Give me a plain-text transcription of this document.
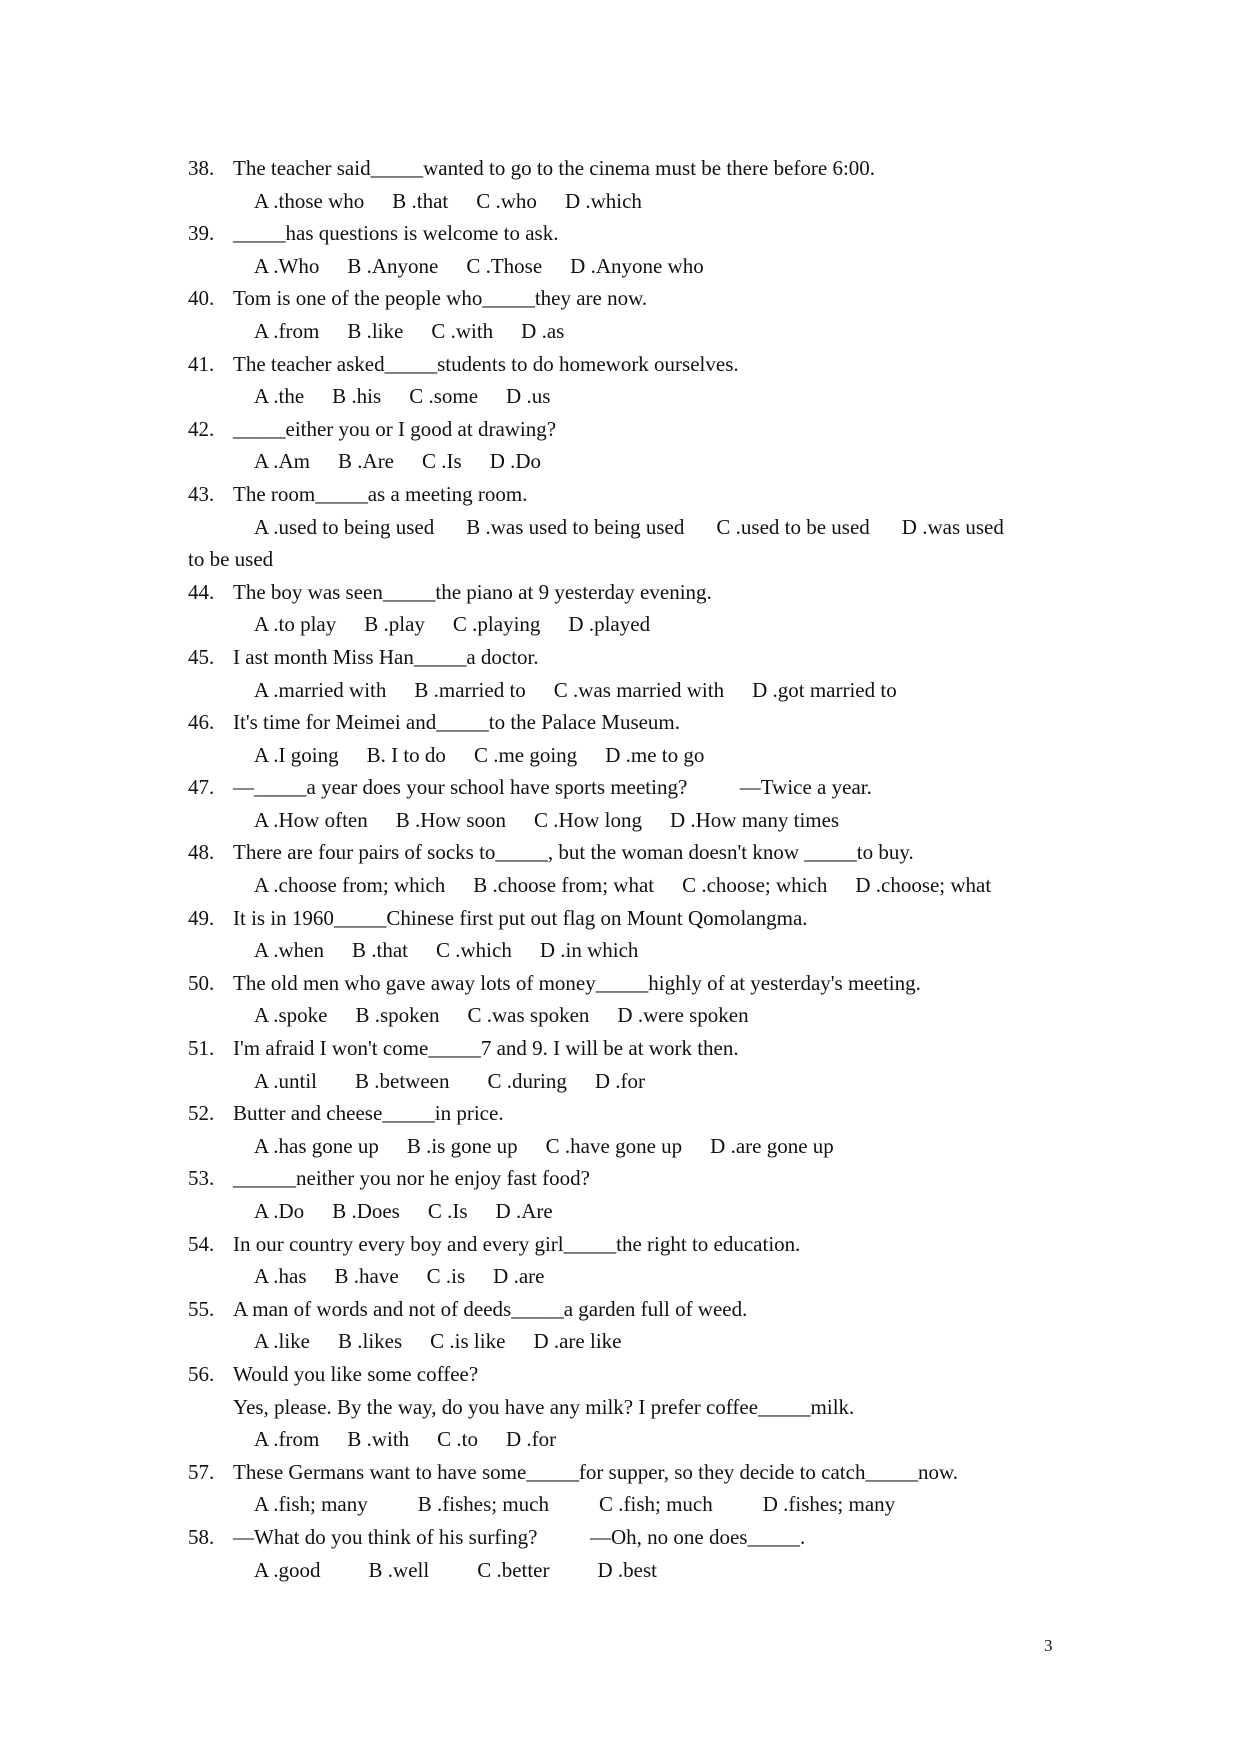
38. The teacher said_____wanted to go to the cinema must be there before 6:00.
A .those who B .that C .who D .which
39. _____has questions is welcome to ask.
A .Who B .Anyone C .Those D .Anyone who
40. Tom is one of the people who_____they are now.
A .from B .like C .with D .as
41. The teacher asked_____students to do homework ourselves.
A .the B .his C .some D .us
42. _____either you or I good at drawing?
A .Am B .Are C .Is D .Do
43. The room_____as a meeting room.
A .used to being used B .was used to being used C .used to be used D .was used
to be used
44. The boy was seen_____the piano at 9 yesterday evening.
A .to play B .play C .playing D .played
45. I ast month Miss Han_____a doctor.
A .married with B .married to C .was married with D .got married to
46. It's time for Meimei and_____to the Palace Museum.
A .I going B. I to do C .me going D .me to go
47. —_____a year does your school have sports meeting?          —Twice a year.
A .How often B .How soon C .How long D .How many times
48. There are four pairs of socks to_____, but the woman doesn't know _____to buy.
A .choose from; which B .choose from; what C .choose; which D .choose; what
49. It is in 1960_____Chinese first put out flag on Mount Qomolangma.
A .when B .that C .which D .in which
50. The old men who gave away lots of money_____highly of at yesterday's meeting.
A .spoke B .spoken C .was spoken D .were spoken
51. I'm afraid I won't come_____7 and 9. I will be at work then.
A .until B .between C .during D .for
52. Butter and cheese_____in price.
A .has gone up B .is gone up C .have gone up D .are gone up
53. ______neither you nor he enjoy fast food?
A .Do B .Does C .Is D .Are
54. In our country every boy and every girl_____the right to education.
A .has B .have C .is D .are
55. A man of words and not of deeds_____a garden full of weed.
A .like B .likes C .is like D .are like
56. Would you like some coffee?
Yes, please. By the way, do you have any milk? I prefer coffee_____milk.
A .from B .with C .to D .for
57. These Germans want to have some_____for supper, so they decide to catch_____now.
A .fish; many B .fishes; much C .fish; much D .fishes; many
58. —What do you think of his surfing?          —Oh, no one does_____.
A .good B .well C .better D .best
3
